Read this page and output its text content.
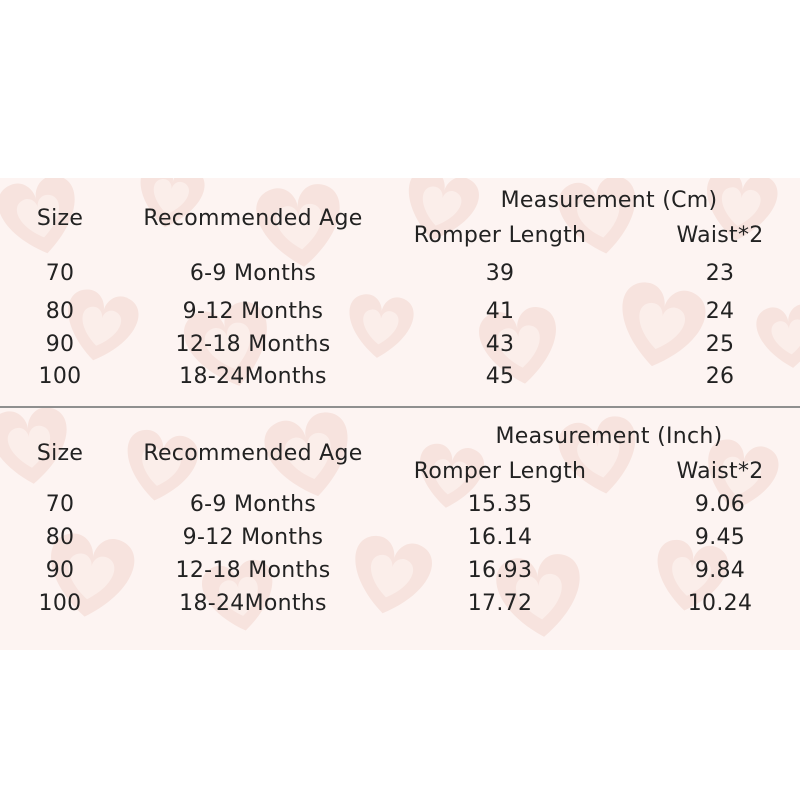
Size	Recommended Age
Measurement (Cm)
Romper Length	Waist*2
70	6-9 Months	39	23
80	9-12 Months	41	24
90	12-18 Months	43	25
100	18-24Months	45	26
Size	Recommended Age
Measurement (Inch)
Romper Length	Waist*2
70	6-9 Months	15.35	9.06
80	9-12 Months	16.14	9.45
90	12-18 Months	16.93	9.84
100	18-24Months	17.72	10.24
